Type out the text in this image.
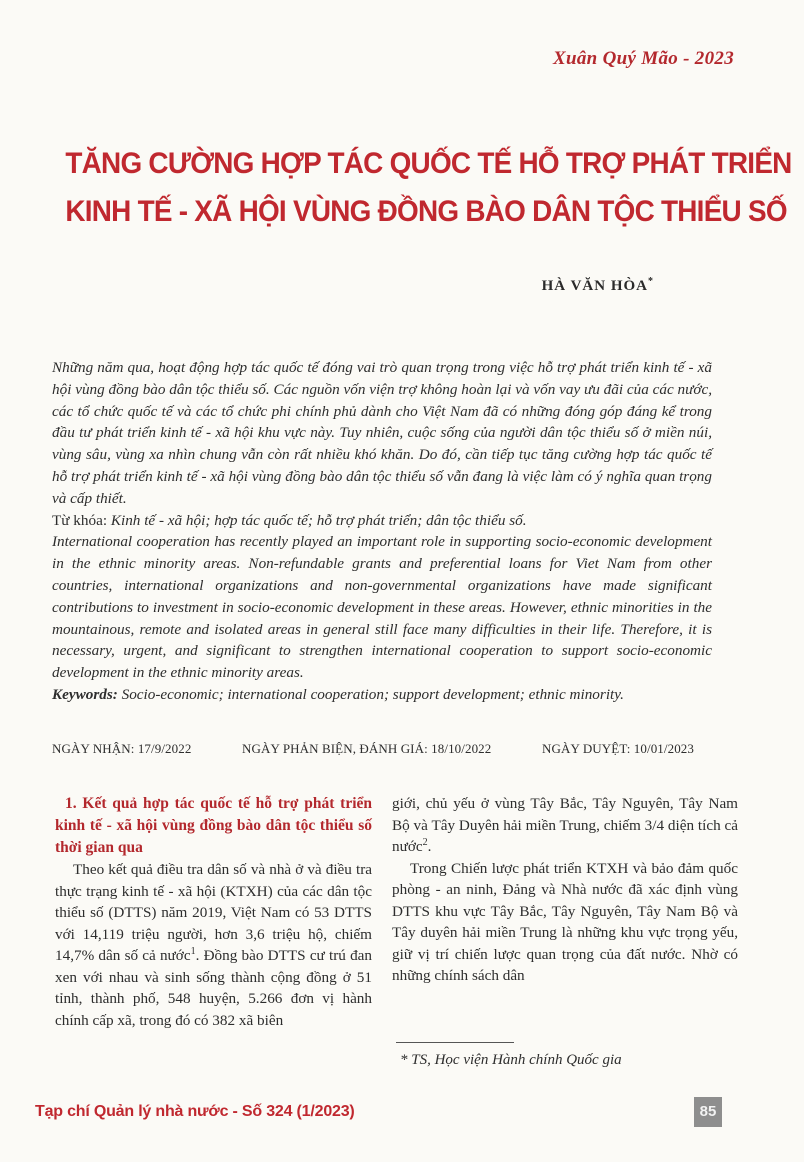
Xuân Quý Mão - 2023
TĂNG CƯỜNG HỢP TÁC QUỐC TẾ HỖ TRỢ PHÁT TRIỂN
KINH TẾ - XÃ HỘI VÙNG ĐỒNG BÀO DÂN TỘC THIỂU SỐ
HÀ VĂN HÒA*

Những năm qua, hoạt động hợp tác quốc tế đóng vai trò quan trọng trong việc hỗ trợ phát triển kinh tế - xã hội vùng đồng bào dân tộc thiểu số. Các nguồn vốn viện trợ không hoàn lại và vốn vay ưu đãi của các nước, các tổ chức quốc tế và các tổ chức phi chính phủ dành cho Việt Nam đã có những đóng góp đáng kể trong đầu tư phát triển kinh tế - xã hội khu vực này. Tuy nhiên, cuộc sống của người dân tộc thiểu số ở miền núi, vùng sâu, vùng xa nhìn chung vẫn còn rất nhiều khó khăn. Do đó, cần tiếp tục tăng cường hợp tác quốc tế hỗ trợ phát triển kinh tế - xã hội vùng đồng bào dân tộc thiểu số vẫn đang là việc làm có ý nghĩa quan trọng và cấp thiết.

Từ khóa: Kinh tế - xã hội; hợp tác quốc tế; hỗ trợ phát triển; dân tộc thiểu số.

International cooperation has recently played an important role in supporting socio-economic development in the ethnic minority areas. Non-refundable grants and preferential loans for Viet Nam from other countries, international organizations and non-governmental organizations have made significant contributions to investment in socio-economic development in these areas. However, ethnic minorities in the mountainous, remote and isolated areas in general still face many difficulties in their life. Therefore, it is necessary, urgent, and significant to strengthen international cooperation to support socio-economic development in the ethnic minority areas.

Keywords: Socio-economic; international cooperation; support development; ethnic minority.

NGÀY NHẬN: 17/9/2022	NGÀY PHẢN BIỆN, ĐÁNH GIÁ: 18/10/2022	NGÀY DUYỆT: 10/01/2023

1. Kết quả hợp tác quốc tế hỗ trợ phát triển kinh tế - xã hội vùng đồng bào dân tộc thiểu số thời gian qua

Theo kết quả điều tra dân số và nhà ở và điều tra thực trạng kinh tế - xã hội (KTXH) của các dân tộc thiểu số (DTTS) năm 2019, Việt Nam có 53 DTTS với 14,119 triệu người, hơn 3,6 triệu hộ, chiếm 14,7% dân số cả nước$^1$. Đồng bào DTTS cư trú đan xen với nhau và sinh sống thành cộng đồng ở 51 tỉnh, thành phố, 548 huyện, 5.266 đơn vị hành chính cấp xã, trong đó có 382 xã biên

giới, chủ yếu ở vùng Tây Bắc, Tây Nguyên, Tây Nam Bộ và Tây Duyên hải miền Trung, chiếm 3/4 diện tích cả nước$^2$.

Trong Chiến lược phát triển KTXH và bảo đảm quốc phòng - an ninh, Đảng và Nhà nước đã xác định vùng DTTS khu vực Tây Bắc, Tây Nguyên, Tây Nam Bộ và Tây duyên hải miền Trung là những khu vực trọng yếu, giữ vị trí chiến lược quan trọng của đất nước. Nhờ có những chính sách dân

* TS, Học viện Hành chính Quốc gia
Tạp chí Quản lý nhà nước - Số 324 (1/2023)	85
